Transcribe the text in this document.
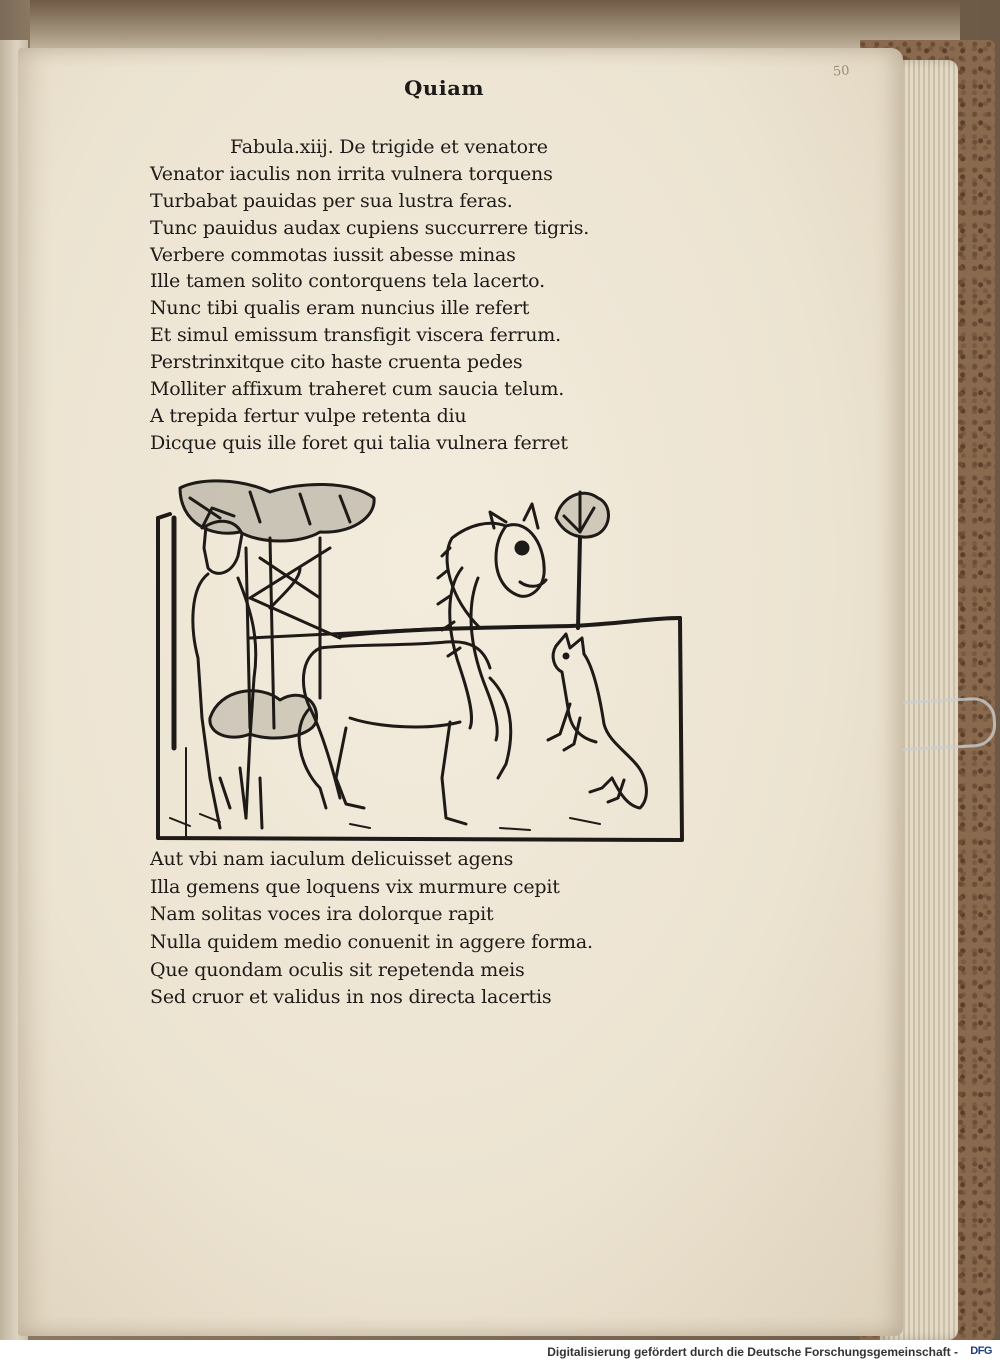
50
Quiam
Fabula.xiij. De trigide et venatore
Venator iaculis non irrita vulnera torquens
Turbabat pauidas per sua lustra feras.
Tunc pauidus audax cupiens succurrere tigris.
Verbere commotas iussit abesse minas
Ille tamen solito contorquens tela lacerto.
Nunc tibi qualis eram nuncius ille refert
Et simul emissum transfigit viscera ferrum.
Perstrinxitque cito haste cruenta pedes
Molliter affixum traheret cum saucia telum.
A trepida fertur vulpe retenta diu
Dicque quis ille foret qui talia vulnera ferret
Aut vbi nam iaculum delicuisset agens
Illa gemens que loquens vix murmure cepit
Nam solitas voces ira dolorque rapit
Nulla quidem medio conuenit in aggere forma.
Que quondam oculis sit repetenda meis
Sed cruor et validus in nos directa lacertis
Digitalisierung gefördert durch die Deutsche Forschungsgemeinschaft - DFG
